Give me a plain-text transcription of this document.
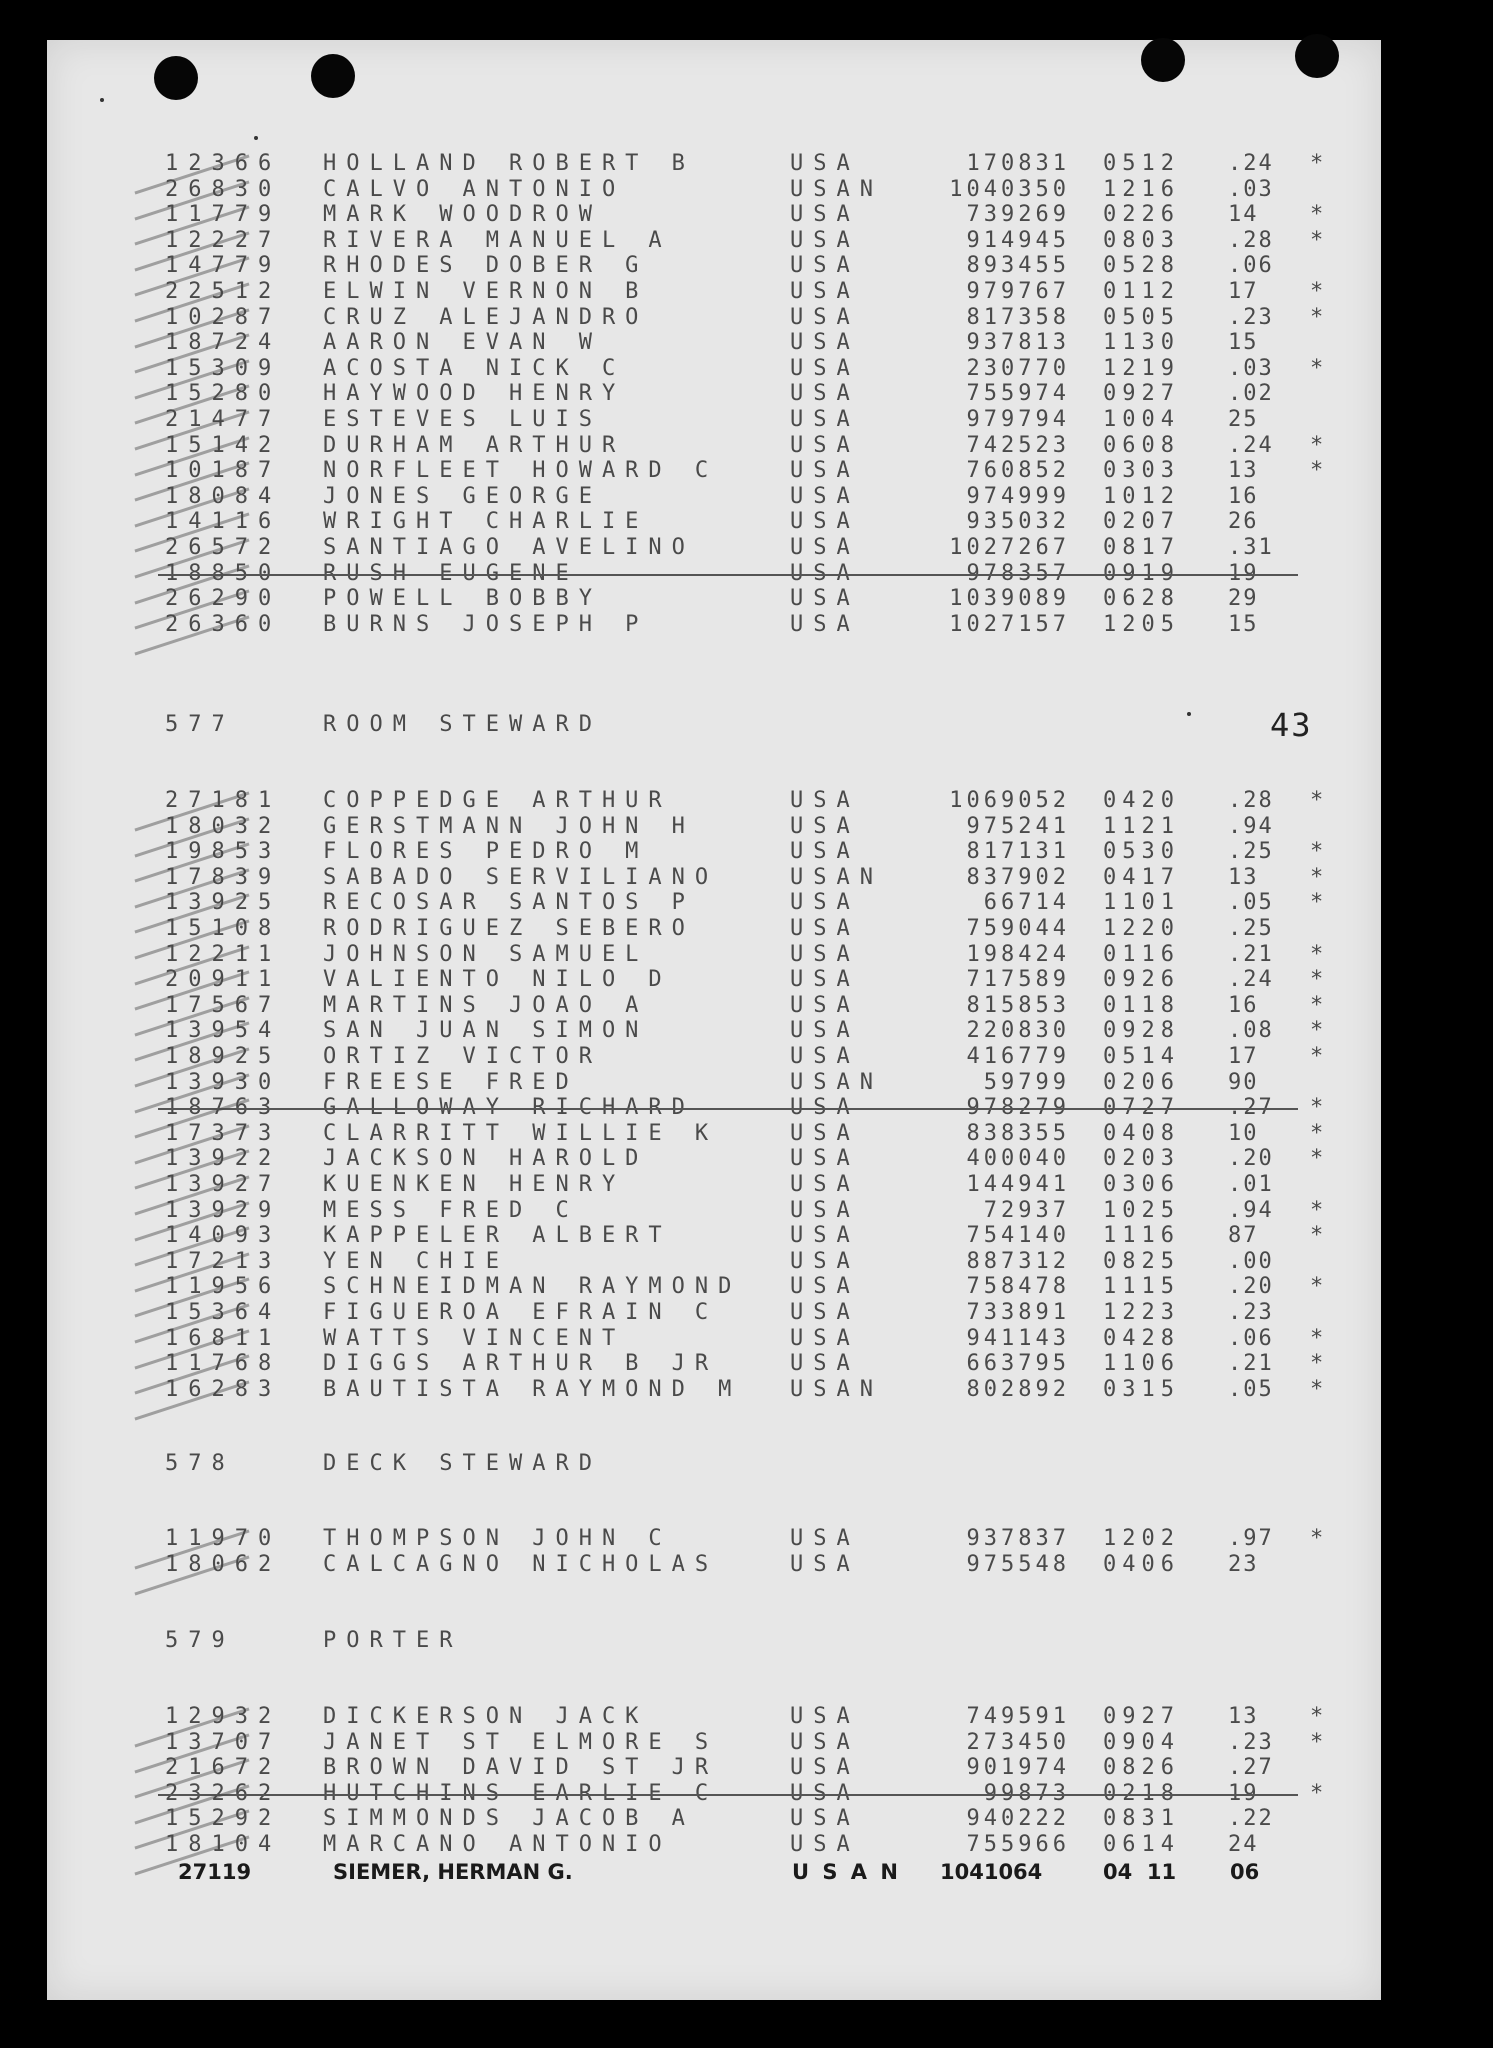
43
27119	SIEMER, HERMAN G.	U S A N 1041064	04  11	06
12366 HOLLAND ROBERT B	USA	170831 0512 .24 *
26830 CALVO ANTONIO	USAN	1040350 1216 .03
11779 MARK WOODROW	USA	739269 0226 14 *
12227 RIVERA MANUEL A	USA	914945 0803 .28 *
14779 RHODES DOBER G	USA	893455 0528 .06
22512 ELWIN VERNON B	USA	979767 0112 17 *
10287 CRUZ ALEJANDRO	USA	817358 0505 .23 *
18724 AARON EVAN W	USA	937813 1130 15
15309 ACOSTA NICK C	USA	230770 1219 .03 *
15280 HAYWOOD HENRY	USA	755974 0927 .02
21477 ESTEVES LUIS	USA	979794 1004 25
15142 DURHAM ARTHUR	USA	742523 0608 .24 *
10187 NORFLEET HOWARD C	USA	760852 0303 13 *
18084 JONES GEORGE	USA	974999 1012 16
14116 WRIGHT CHARLIE	USA	935032 0207 26
26572 SANTIAGO AVELINO	USA	1027267 0817 .31
18850 RUSH EUGENE	USA	978357 0919 19
26290 POWELL BOBBY	USA	1039089 0628 29
26360 BURNS JOSEPH P	USA	1027157 1205 15
577	ROOM STEWARD
27181 COPPEDGE ARTHUR	USA	1069052 0420 .28 *
18032 GERSTMANN JOHN H	USA	975241 1121 .94
19853 FLORES PEDRO M	USA	817131 0530 .25 *
17839 SABADO SERVILIANO	USAN	837902 0417 13 *
13925 RECOSAR SANTOS P	USA	66714 1101 .05 *
15108 RODRIGUEZ SEBERO	USA	759044 1220 .25
12211 JOHNSON SAMUEL	USA	198424 0116 .21 *
20911 VALIENTO NILO D	USA	717589 0926 .24 *
17567 MARTINS JOAO A	USA	815853 0118 16 *
13954 SAN JUAN SIMON	USA	220830 0928 .08 *
18925 ORTIZ VICTOR	USA	416779 0514 17 *
13930 FREESE FRED	USAN	59799 0206 90
18763 GALLOWAY RICHARD	USA	978279 0727 .27 *
17373 CLARRITT WILLIE K	USA	838355 0408 10 *
13922 JACKSON HAROLD	USA	400040 0203 .20 *
13927 KUENKEN HENRY	USA	144941 0306 .01
13929 MESS FRED C	USA	72937 1025 .94 *
14093 KAPPELER ALBERT	USA	754140 1116 87 *
17213 YEN CHIE	USA	887312 0825 .00
11956 SCHNEIDMAN RAYMOND USA	758478 1115 .20 *
15364 FIGUEROA EFRAIN C	USA	733891 1223 .23
16811 WATTS VINCENT	USA	941143 0428 .06 *
11768 DIGGS ARTHUR B JR	USA	663795 1106 .21 *
16283 BAUTISTA RAYMOND M USAN	802892 0315 .05 *
578	DECK STEWARD
11970 THOMPSON JOHN C	USA	937837 1202 .97 *
18062 CALCAGNO NICHOLAS	USA	975548 0406 23
579	PORTER
12932 DICKERSON JACK	USA	749591 0927 13 *
13707 JANET ST ELMORE S	USA	273450 0904 .23 *
21672 BROWN DAVID ST JR	USA	901974 0826 .27
23262 HUTCHINS EARLIE C	USA	99873 0218 19 *
15292 SIMMONDS JACOB A	USA	940222 0831 .22
18104 MARCANO ANTONIO	USA	755966 0614 24
